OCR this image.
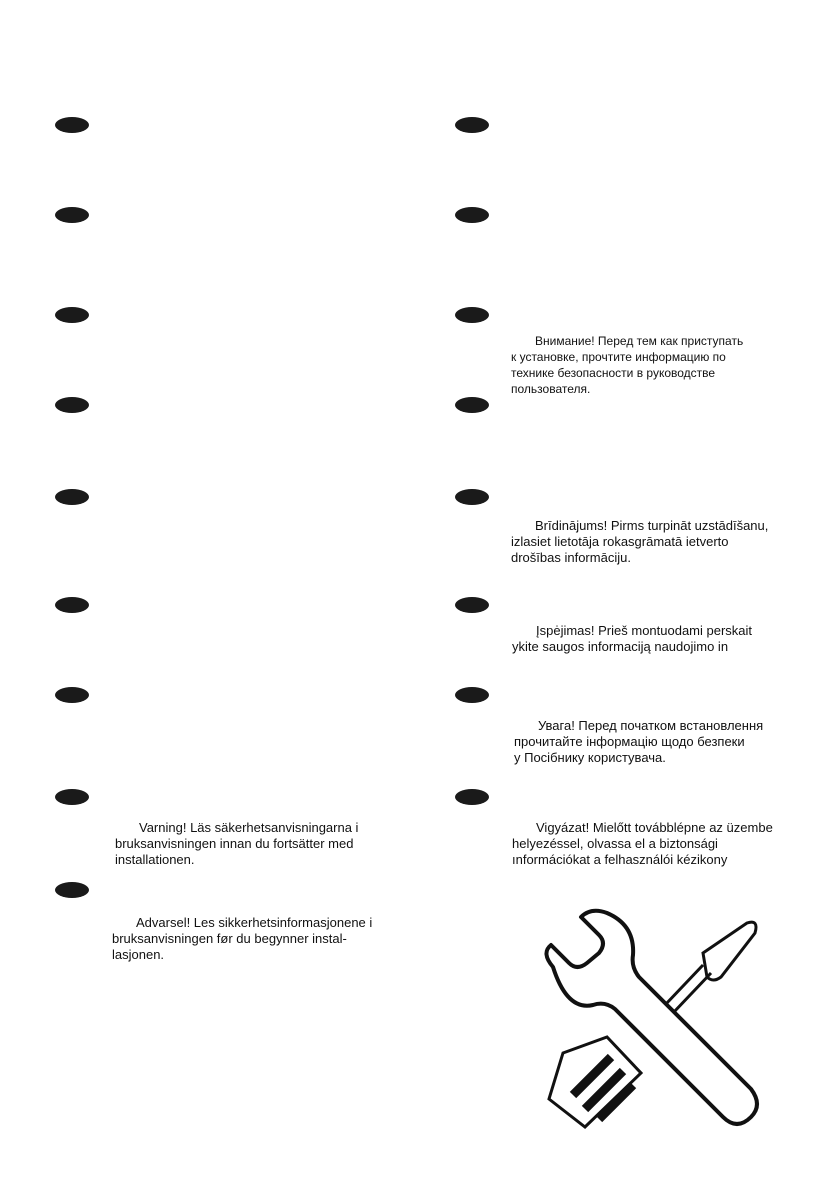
Varning! Läs säkerhetsanvisningarna i
bruksanvisningen innan du fortsätter med
installationen.
Advarsel! Les sikkerhetsinformasjonene i
bruksanvisningen før du begynner instal-
lasjonen.
Внимание! Перед тем как приступать
к установке, прочтите информацию по
технике безопасности в руководстве
пользователя.
Brīdinājums! Pirms turpināt uzstādīšanu,
izlasiet lietotāja rokasgrāmatā ietverto
drošības informāciju.
Įspėjimas! Prieš montuodami perskait
ykite saugos informaciją naudojimo in
Увага! Перед початком встановлення
прочитайте інформацію щодо безпеки
у Посібнику користувача.
Vigyázat! Mielőtt továbblépne az üzembe
helyezéssel, olvassa el a biztonsági
ınformációkat a felhasználói kézikony
